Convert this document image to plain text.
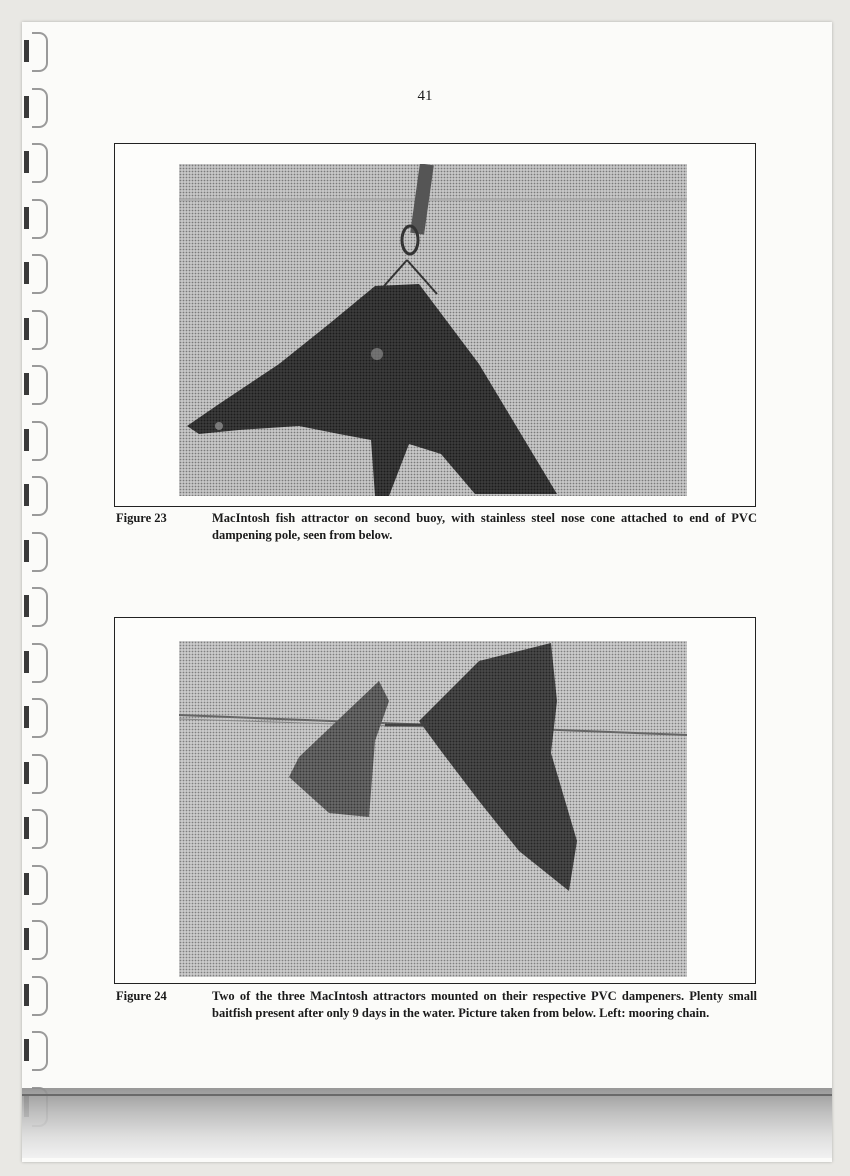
41
Figure 23	MacIntosh fish attractor on second buoy, with stainless steel nose cone attached to end of PVC dampening pole, seen from below.
Figure 24	Two of the three MacIntosh attractors mounted on their respective PVC dampeners. Plenty small baitfish present after only 9 days in the water. Picture taken from below. Left: mooring chain.
